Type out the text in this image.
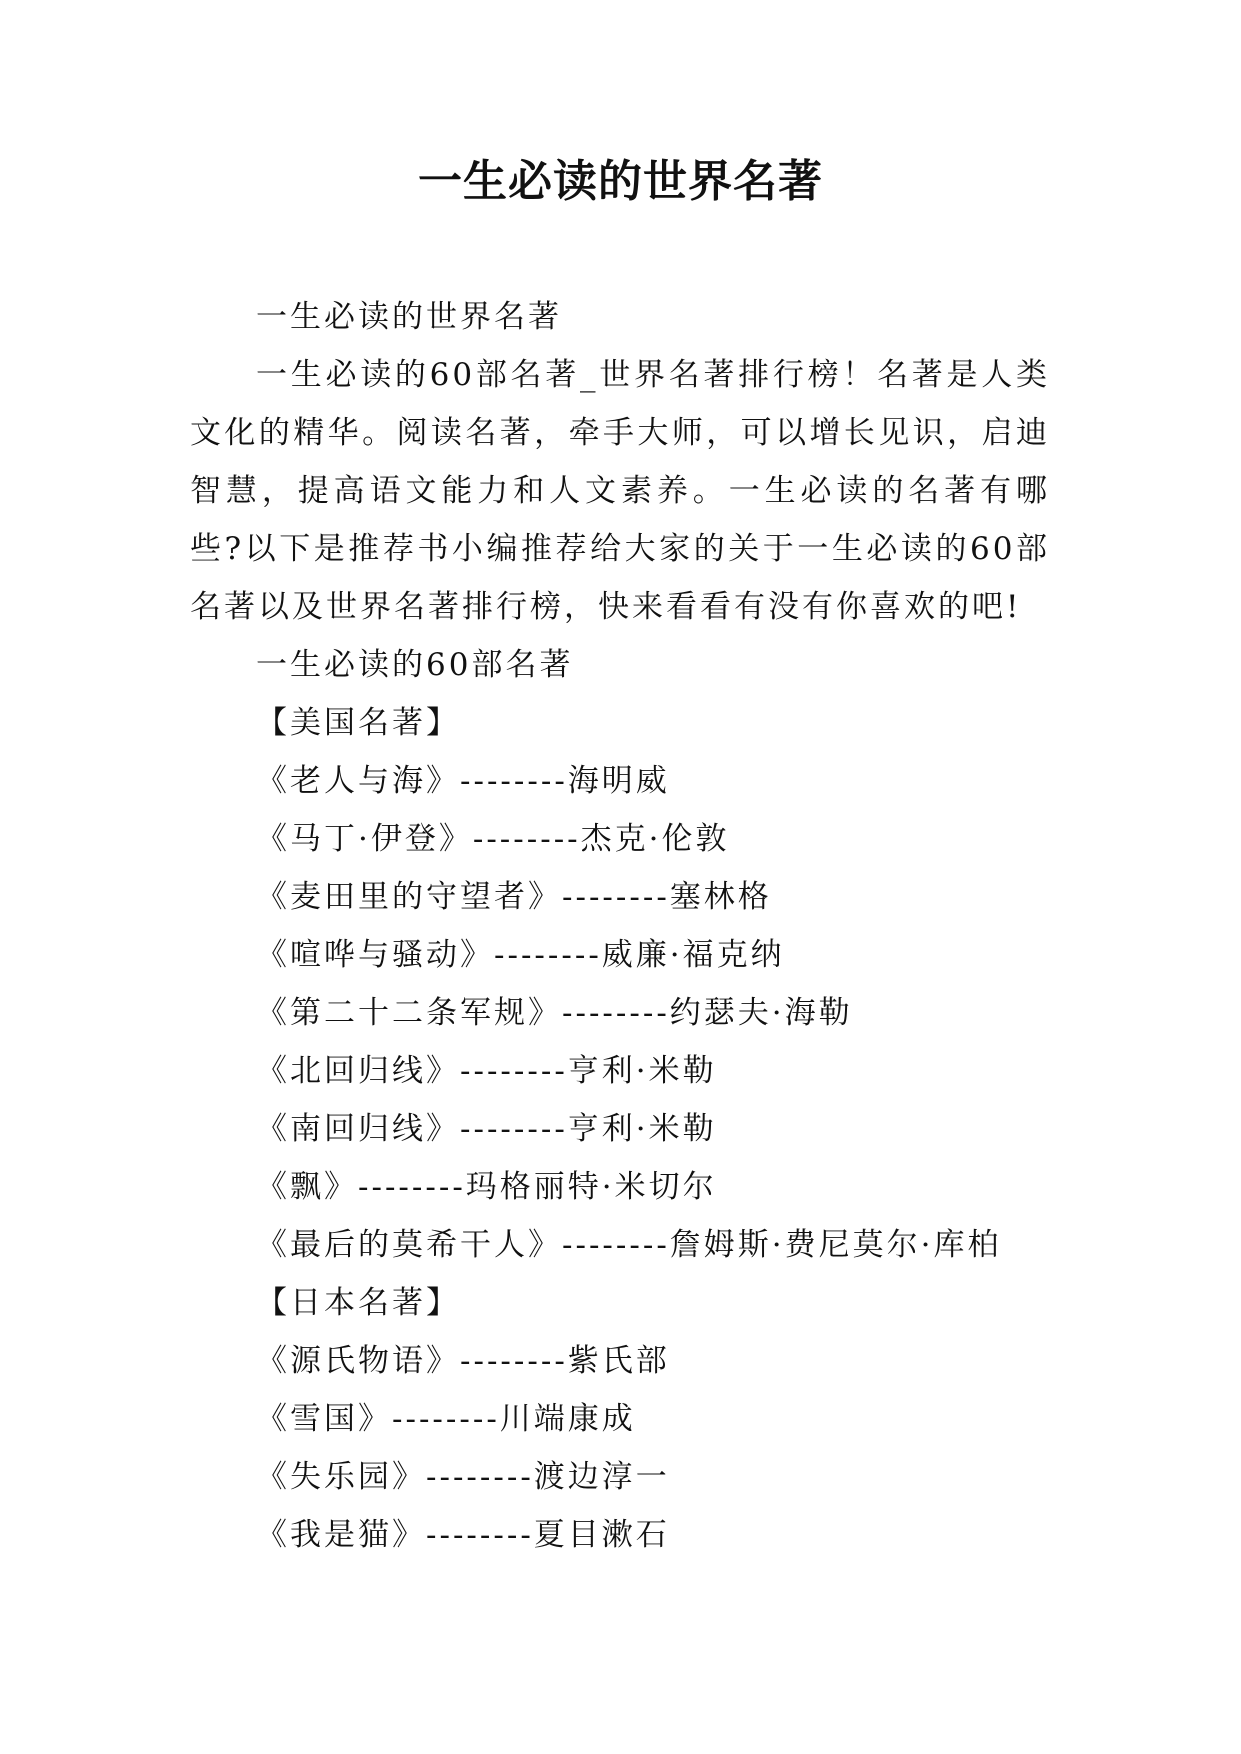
一生必读的世界名著

一生必读的世界名著

一生必读的60部名著_世界名著排行榜！名著是人类文化的精华。阅读名著，牵手大师，可以增长见识，启迪智慧，提高语文能力和人文素养。一生必读的名著有哪些?以下是推荐书小编推荐给大家的关于一生必读的60部名著以及世界名著排行榜，快来看看有没有你喜欢的吧!

一生必读的60部名著

【美国名著】

《老人与海》--------海明威

《马丁·伊登》--------杰克·伦敦

《麦田里的守望者》--------塞林格

《喧哗与骚动》--------威廉·福克纳

《第二十二条军规》--------约瑟夫·海勒

《北回归线》--------亨利·米勒

《南回归线》--------亨利·米勒

《飘》--------玛格丽特·米切尔

《最后的莫希干人》--------詹姆斯·费尼莫尔·库柏

【日本名著】

《源氏物语》--------紫氏部

《雪国》--------川端康成

《失乐园》--------渡边淳一

《我是猫》--------夏目漱石
